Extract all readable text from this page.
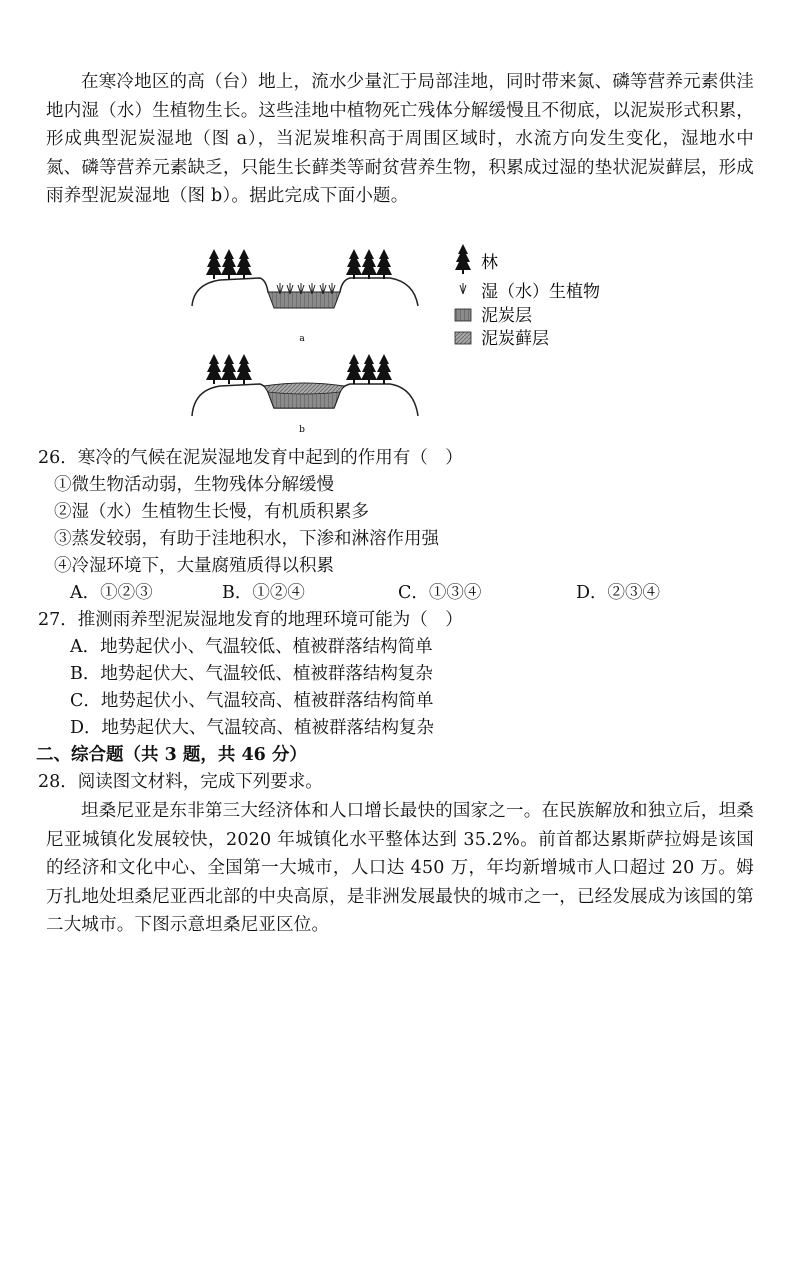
在寒冷地区的高（台）地上，流水少量汇于局部洼地，同时带来氮、磷等营养元素供洼地内湿（水）生植物生长。这些洼地中植物死亡残体分解缓慢且不彻底，以泥炭形式积累，形成典型泥炭湿地（图 a），当泥炭堆积高于周围区域时，水流方向发生变化，湿地水中氮、磷等营养元素缺乏，只能生长藓类等耐贫营养生物，积累成过湿的垫状泥炭藓层，形成雨养型泥炭湿地（图 b）。据此完成下面小题。

a
b
林
湿（水）生植物
泥炭层
泥炭藓层
26．寒冷的气候在泥炭湿地发育中起到的作用有（　）
①微生物活动弱，生物残体分解缓慢
②湿（水）生植物生长慢，有机质积累多
③蒸发较弱，有助于洼地积水，下渗和淋溶作用强
④冷湿环境下，大量腐殖质得以积累
A．①②③	B．①②④	C．①③④	D．②③④
27．推测雨养型泥炭湿地发育的地理环境可能为（　）
A．地势起伏小、气温较低、植被群落结构简单
B．地势起伏大、气温较低、植被群落结构复杂
C．地势起伏小、气温较高、植被群落结构简单
D．地势起伏大、气温较高、植被群落结构复杂
二、综合题（共 3 题，共 46 分）
28．阅读图文材料，完成下列要求。

坦桑尼亚是东非第三大经济体和人口增长最快的国家之一。在民族解放和独立后，坦桑尼亚城镇化发展较快，2020 年城镇化水平整体达到 35.2%。前首都达累斯萨拉姆是该国的经济和文化中心、全国第一大城市，人口达 450 万，年均新增城市人口超过 20 万。姆万扎地处坦桑尼亚西北部的中央高原，是非洲发展最快的城市之一，已经发展成为该国的第二大城市。下图示意坦桑尼亚区位。
